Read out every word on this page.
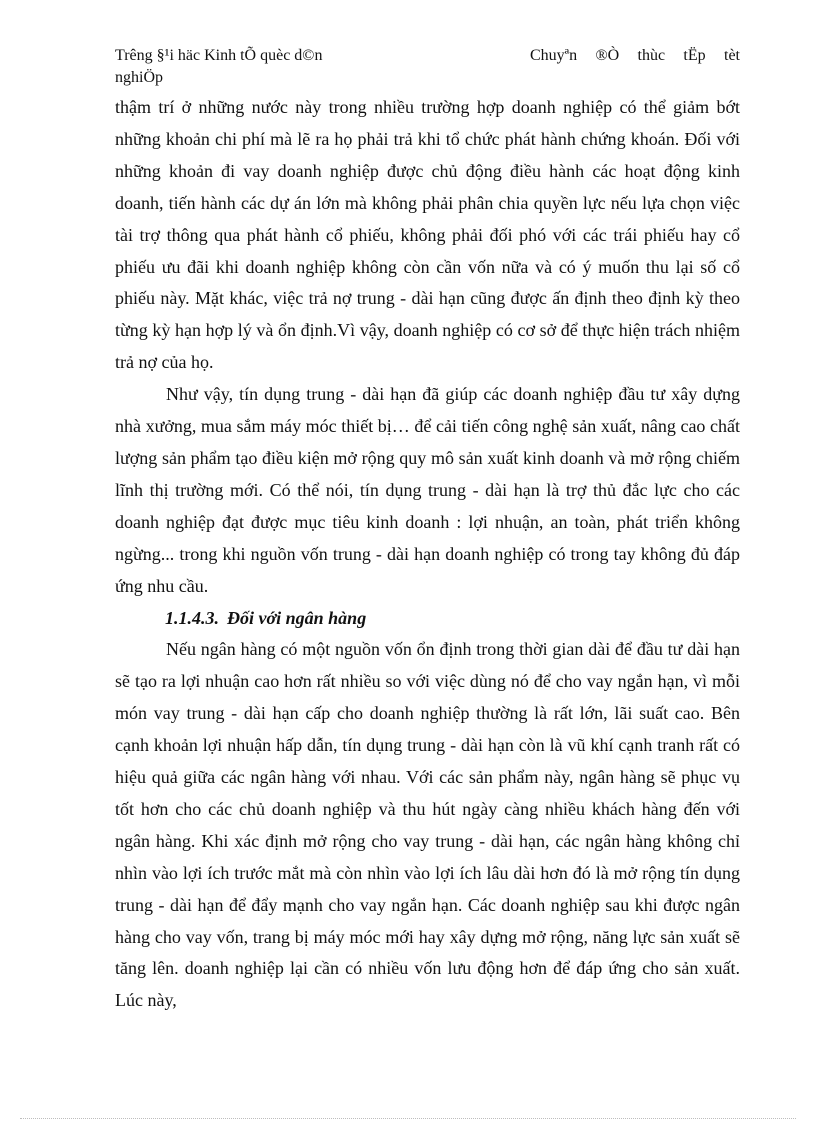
Trêng §¹i häc Kinh tÕ quèc d©n nghiÖp
Chuyªn ®Ò thùc tËp tèt

thậm trí ở những nước này trong nhiều trường hợp doanh nghiệp có thể giảm bớt những khoản chi phí mà lẽ ra họ phải trả khi tổ chức phát hành chứng khoán. Đối với những khoản đi vay doanh nghiệp được chủ động điều hành các hoạt động kinh doanh, tiến hành các dự án lớn mà không phải phân chia quyền lực nếu lựa chọn việc tài trợ thông qua phát hành cổ phiếu, không phải đối phó với các trái phiếu hay cổ phiếu ưu đãi khi doanh nghiệp không còn cần vốn nữa và có ý muốn thu lại số cổ phiếu này. Mặt khác, việc trả nợ trung - dài hạn cũng được ấn định theo định kỳ theo từng kỳ hạn hợp lý và ổn định.Vì vậy, doanh nghiệp có cơ sở để thực hiện trách nhiệm trả nợ của họ.

Như vậy, tín dụng trung - dài hạn đã giúp các doanh nghiệp đầu tư xây dựng nhà xưởng, mua sắm máy móc thiết bị… để cải tiến công nghệ sản xuất, nâng cao chất lượng sản phẩm tạo điều kiện mở rộng quy mô sản xuất kinh doanh và mở rộng chiếm lĩnh thị trường mới. Có thể nói, tín dụng trung - dài hạn là trợ thủ đắc lực cho các doanh nghiệp đạt được mục tiêu kinh doanh : lợi nhuận, an toàn, phát triển không ngừng... trong khi nguồn vốn trung - dài hạn doanh nghiệp có trong tay không đủ đáp ứng nhu cầu.

1.1.4.3. Đối với ngân hàng

Nếu ngân hàng có một nguồn vốn ổn định trong thời gian dài để đầu tư dài hạn sẽ tạo ra lợi nhuận cao hơn rất nhiều so với việc dùng nó để cho vay ngắn hạn, vì mỗi món vay trung - dài hạn cấp cho doanh nghiệp thường là rất lớn, lãi suất cao. Bên cạnh khoản lợi nhuận hấp dẫn, tín dụng trung - dài hạn còn là vũ khí cạnh tranh rất có hiệu quả giữa các ngân hàng với nhau. Với các sản phẩm này, ngân hàng sẽ phục vụ tốt hơn cho các chủ doanh nghiệp và thu hút ngày càng nhiều khách hàng đến với ngân hàng. Khi xác định mở rộng cho vay trung - dài hạn, các ngân hàng không chỉ nhìn vào lợi ích trước mắt mà còn nhìn vào lợi ích lâu dài hơn đó là mở rộng tín dụng trung - dài hạn để đẩy mạnh cho vay ngắn hạn. Các doanh nghiệp sau khi được ngân hàng cho vay vốn, trang bị máy móc mới hay xây dựng mở rộng, năng lực sản xuất sẽ tăng lên. doanh nghiệp lại cần có nhiều vốn lưu động hơn để đáp ứng cho sản xuất. Lúc này,
